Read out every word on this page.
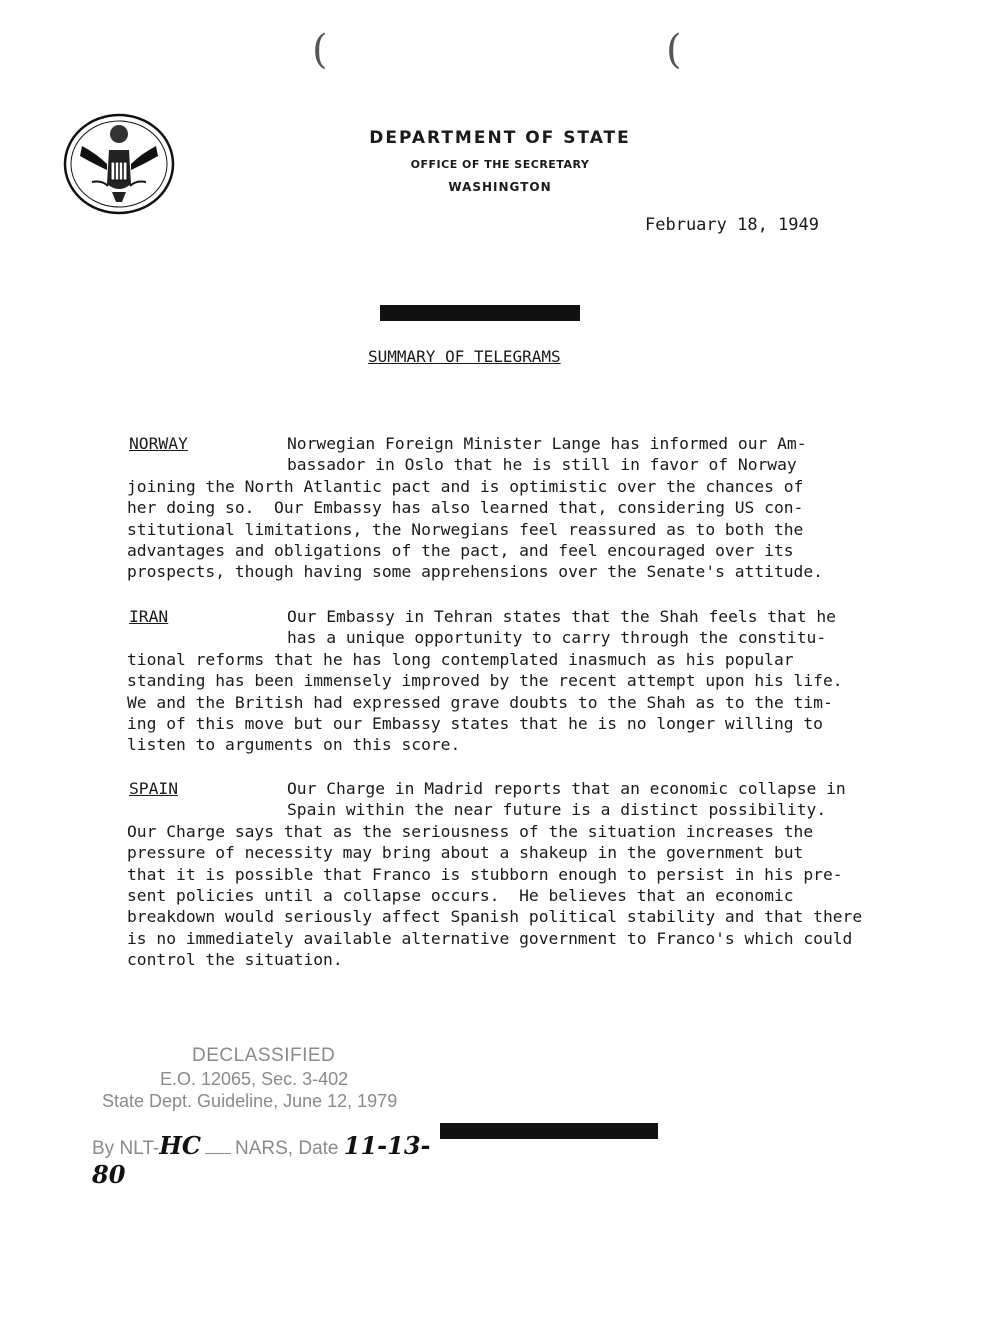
(	(
DEPARTMENT OF STATE
OFFICE OF THE SECRETARY
WASHINGTON
February 18, 1949
SUMMARY OF TELEGRAMS
NORWAY	Norwegian Foreign Minister Lange has informed our Am-
bassador in Oslo that he is still in favor of Norway
joining the North Atlantic pact and is optimistic over the chances of
her doing so.  Our Embassy has also learned that, considering US con-
stitutional limitations, the Norwegians feel reassured as to both the
advantages and obligations of the pact, and feel encouraged over its
prospects, though having some apprehensions over the Senate's attitude.
IRAN	Our Embassy in Tehran states that the Shah feels that he
has a unique opportunity to carry through the constitu-
tional reforms that he has long contemplated inasmuch as his popular
standing has been immensely improved by the recent attempt upon his life.
We and the British had expressed grave doubts to the Shah as to the tim-
ing of this move but our Embassy states that he is no longer willing to
listen to arguments on this score.
SPAIN	Our Charge in Madrid reports that an economic collapse in
Spain within the near future is a distinct possibility.
Our Charge says that as the seriousness of the situation increases the
pressure of necessity may bring about a shakeup in the government but
that it is possible that Franco is stubborn enough to persist in his pre-
sent policies until a collapse occurs.  He believes that an economic
breakdown would seriously affect Spanish political stability and that there
is no immediately available alternative government to Franco's which could
control the situation.
DECLASSIFIED
E.O. 12065, Sec. 3-402
State Dept. Guideline, June 12, 1979
By NLT-HC NARS, Date 11-13-80
